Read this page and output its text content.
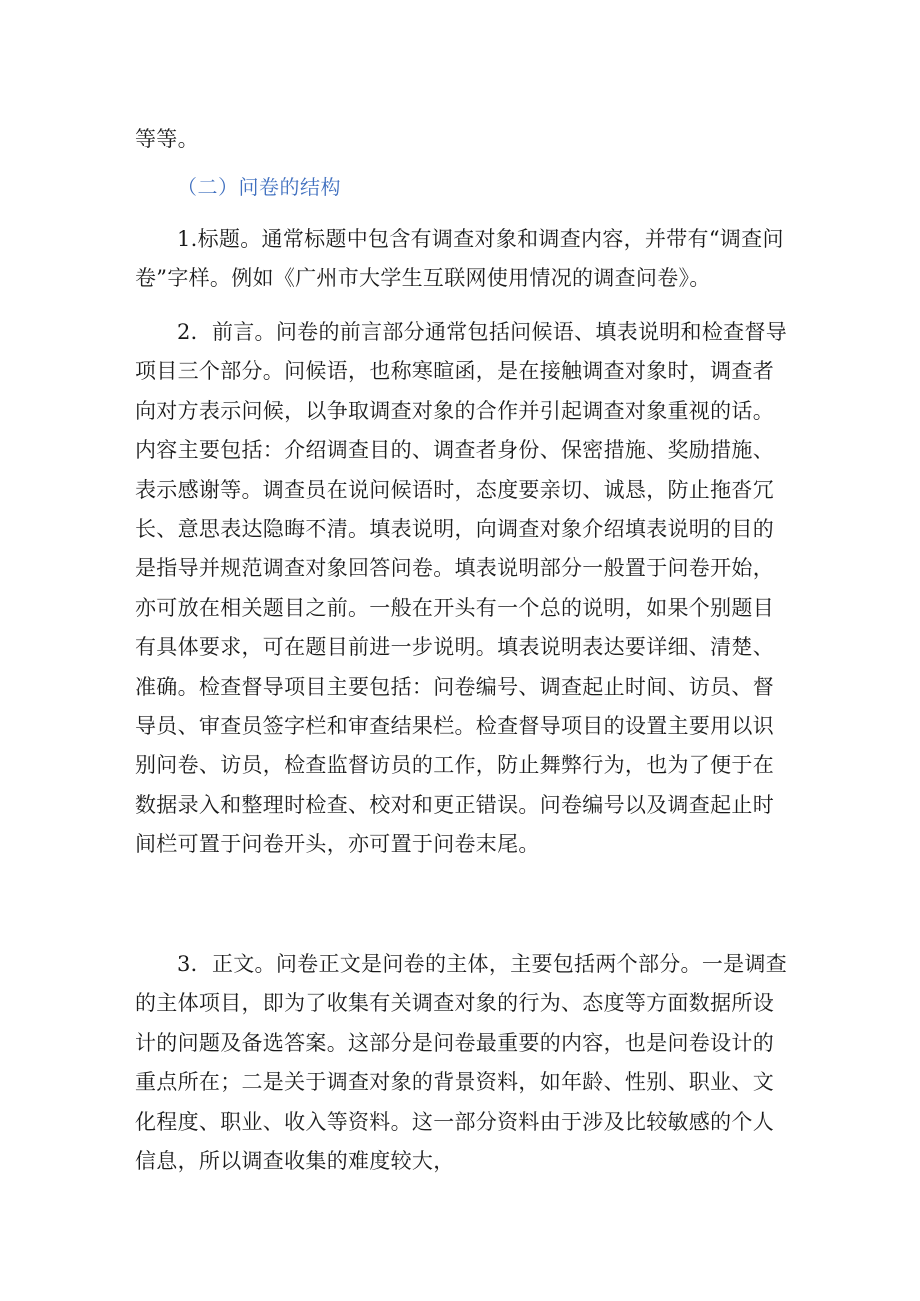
等等。

（二）问卷的结构

1.标题。通常标题中包含有调查对象和调查内容，并带有“调查问卷”字样。例如《广州市大学生互联网使用情况的调查问卷》。

2．前言。问卷的前言部分通常包括问候语、填表说明和检查督导项目三个部分。问候语，也称寒暄函，是在接触调查对象时，调查者向对方表示问候，以争取调查对象的合作并引起调查对象重视的话。内容主要包括：介绍调查目的、调查者身份、保密措施、奖励措施、表示感谢等。调查员在说问候语时，态度要亲切、诚恳，防止拖沓冗长、意思表达隐晦不清。填表说明，向调查对象介绍填表说明的目的是指导并规范调查对象回答问卷。填表说明部分一般置于问卷开始，亦可放在相关题目之前。一般在开头有一个总的说明，如果个别题目有具体要求，可在题目前进一步说明。填表说明表达要详细、清楚、准确。检查督导项目主要包括：问卷编号、调查起止时间、访员、督导员、审查员签字栏和审查结果栏。检查督导项目的设置主要用以识别问卷、访员，检查监督访员的工作，防止舞弊行为，也为了便于在数据录入和整理时检查、校对和更正错误。问卷编号以及调查起止时间栏可置于问卷开头，亦可置于问卷末尾。

3．正文。问卷正文是问卷的主体，主要包括两个部分。一是调查的主体项目，即为了收集有关调查对象的行为、态度等方面数据所设计的问题及备选答案。这部分是问卷最重要的内容，也是问卷设计的重点所在；二是关于调查对象的背景资料，如年龄、性别、职业、文化程度、职业、收入等资料。这一部分资料由于涉及比较敏感的个人信息，所以调查收集的难度较大，
